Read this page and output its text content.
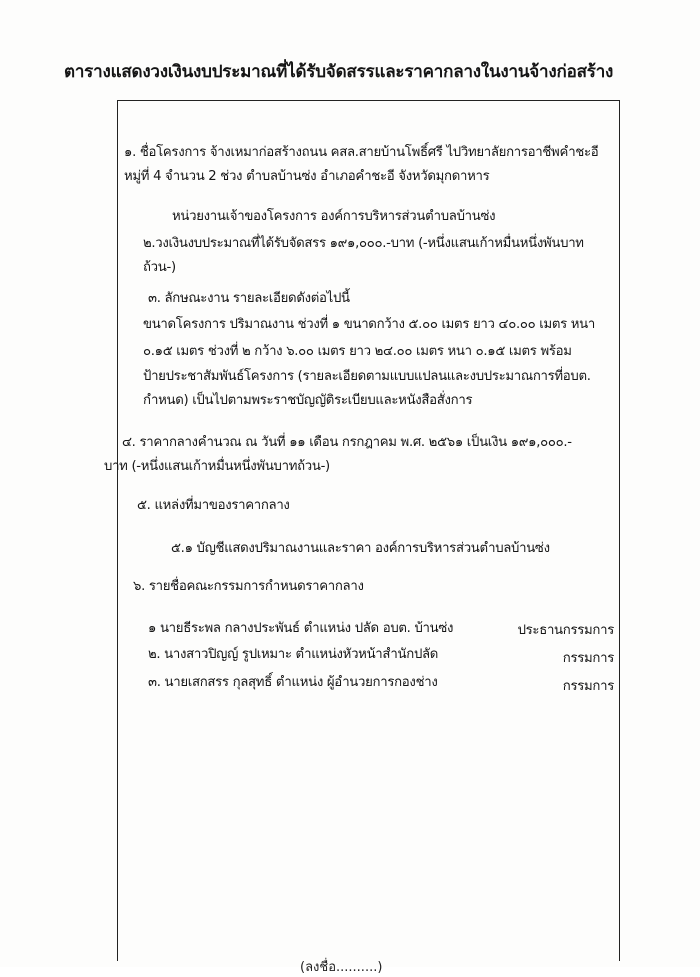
ตารางแสดงวงเงินงบประมาณที่ได้รับจัดสรรและราคากลางในงานจ้างก่อสร้าง
๑. ชื่อโครงการ จ้างเหมาก่อสร้างถนน คสล.สายบ้านโพธิ์ศรี ไปวิทยาลัยการอาชีพคำชะอี
หมู่ที่ 4 จำนวน 2 ช่วง ตำบลบ้านซ่ง อำเภอคำชะอี จังหวัดมุกดาหาร
หน่วยงานเจ้าของโครงการ องค์การบริหารส่วนตำบลบ้านซ่ง
๒.วงเงินงบประมาณที่ได้รับจัดสรร ๑๙๑,๐๐๐.-บาท (-หนึ่งแสนเก้าหมื่นหนึ่งพันบาท
ถ้วน-)
๓. ลักษณะงาน รายละเอียดดังต่อไปนี้
ขนาดโครงการ ปริมาณงาน ช่วงที่ ๑ ขนาดกว้าง ๕.๐๐ เมตร ยาว ๔๐.๐๐ เมตร หนา
๐.๑๕ เมตร ช่วงที่ ๒ กว้าง ๖.๐๐ เมตร ยาว ๒๔.๐๐ เมตร หนา ๐.๑๕ เมตร พร้อม
ป้ายประชาสัมพันธ์โครงการ (รายละเอียดตามแบบแปลนและงบประมาณการที่อบต.
กำหนด) เป็นไปตามพระราชบัญญัติระเบียบและหนังสือสั่งการ
๔. ราคากลางคำนวณ ณ วันที่ ๑๑ เดือน กรกฎาคม พ.ศ. ๒๕๖๑ เป็นเงิน ๑๙๑,๐๐๐.-
บาท (-หนึ่งแสนเก้าหมื่นหนึ่งพันบาทถ้วน-)
๕. แหล่งที่มาของราคากลาง
๕.๑ บัญชีแสดงปริมาณงานและราคา องค์การบริหารส่วนตำบลบ้านซ่ง
๖. รายชื่อคณะกรรมการกำหนดราคากลาง
๑ นายธีระพล กลางประพันธ์ ตำแหน่ง ปลัด อบต. บ้านซ่ง	ประธานกรรมการ
๒. นางสาวปิญญ์ รูปเหมาะ ตำแหน่งหัวหน้าสำนักปลัด	กรรมการ
๓. นายเสกสรร กุลสุทธิ์ ตำแหน่ง ผู้อำนวยการกองช่าง	กรรมการ
(ลงชื่อ..........)
